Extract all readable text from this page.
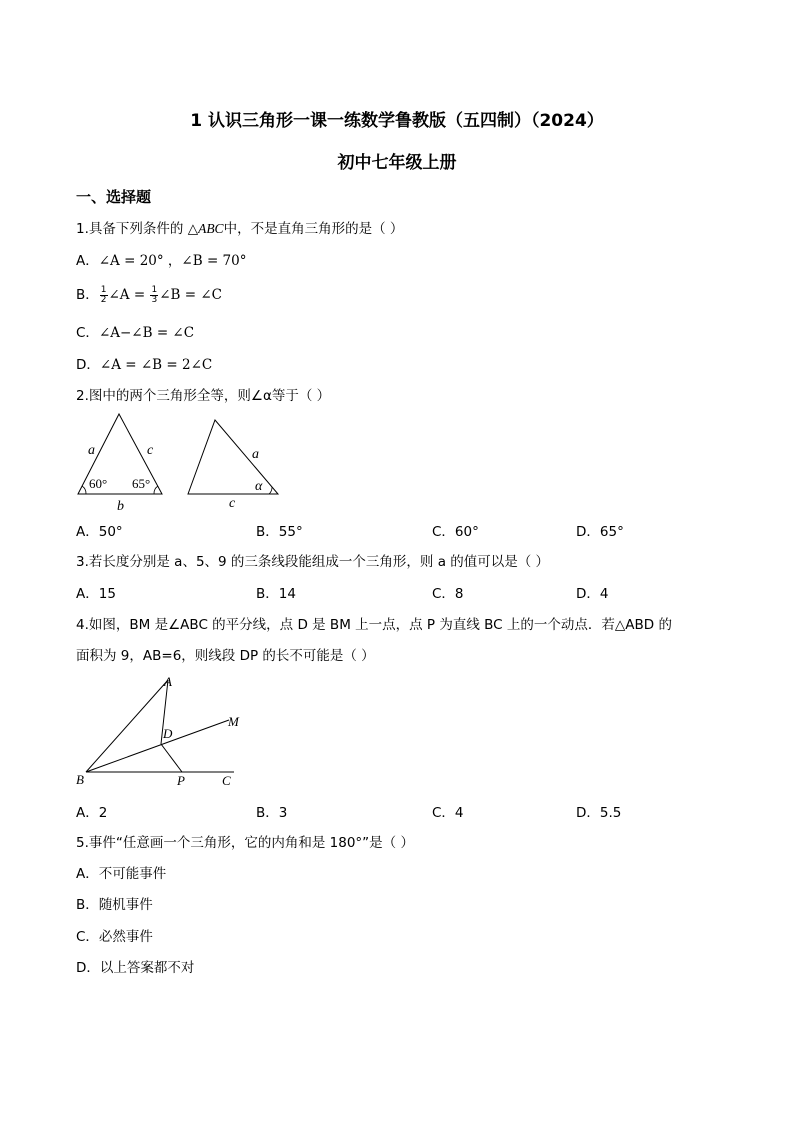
1 认识三角形一课一练数学鲁教版（五四制）（2024）
初中七年级上册
一、选择题
1.具备下列条件的 △ABC中，不是直角三角形的是（ ）
A．∠A = 20° ，∠B = 70°
B． $\frac{1}{2}$ ∠A = $\frac{1}{3}$ ∠B = ∠C
C．∠A−∠B = ∠C
D．∠A = ∠B = 2∠C
2.图中的两个三角形全等，则∠α等于（ ）
a	c
60° 65°
b
a
c
α
A．50°	B．55°	C．60°	D．65°
3.若长度分别是 a、5、9 的三条线段能组成一个三角形，则 a 的值可以是（ ）
A．15	B．14	C．8	D．4
4.如图，BM 是∠ABC 的平分线，点 D 是 BM 上一点，点 P 为直线 BC 上的一个动点．若△ABD 的
面积为 9，AB=6，则线段 DP 的长不可能是（ ）
A
B	C
D
M
P
A．2	B．3	C．4	D．5.5
5.事件“任意画一个三角形，它的内角和是 180°”是（ ）
A．不可能事件
B．随机事件
C．必然事件
D．以上答案都不对
